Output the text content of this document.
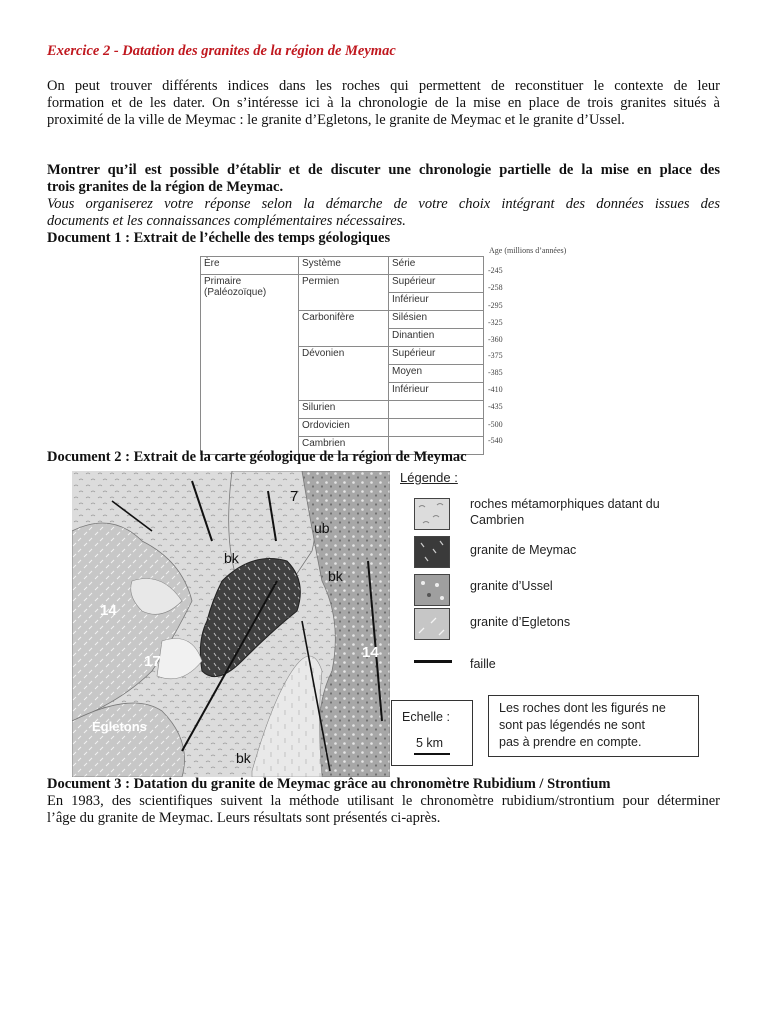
Exercice 2 - Datation des granites de la région de Meymac
On peut trouver différents indices dans les roches qui permettent de reconstituer le contexte de leur
formation et de les dater. On s’intéresse ici à la chronologie de la mise en place de trois granites situés à
proximité de la ville de Meymac : le granite d’Egletons, le granite de Meymac et le granite d’Ussel.
Montrer qu’il est possible d’établir et de discuter une chronologie partielle de la mise en place des
trois granites de la région de Meymac.
Vous organiserez votre réponse selon la démarche de votre choix intégrant des données issues des
documents et les connaissances complémentaires nécessaires.
Document 1 : Extrait de l’échelle des temps géologiques
Ère	Système	Série
Primaire
(Paléozoïque)	Permien	Supérieur
		Inférieur
	Carbonifère	Silésien
		Dinantien
	Dévonien	Supérieur
		Moyen
		Inférieur
	Silurien	
	Ordovicien	
	Cambrien	
Age (millions d’années)
-245
-258
-295
-325
-360
-375
-385
-410
-435
-500
-540
Document 2 : Extrait de la carte géologique de la région de Meymac
7
ub
bk
bk
bk
14
14
17
Egletons
Légende :
roches métamorphiques datant du
Cambrien
granite de Meymac
granite d’Ussel
granite d’Egletons
faille
Echelle :
5 km
Les roches dont les figurés ne
sont pas légendés ne sont
pas à prendre en compte.
Document 3 : Datation du granite de Meymac grâce au chronomètre Rubidium / Strontium
En 1983, des scientifiques suivent la méthode utilisant le chronomètre rubidium/strontium pour déterminer
l’âge du granite de Meymac. Leurs résultats sont présentés ci-après.
